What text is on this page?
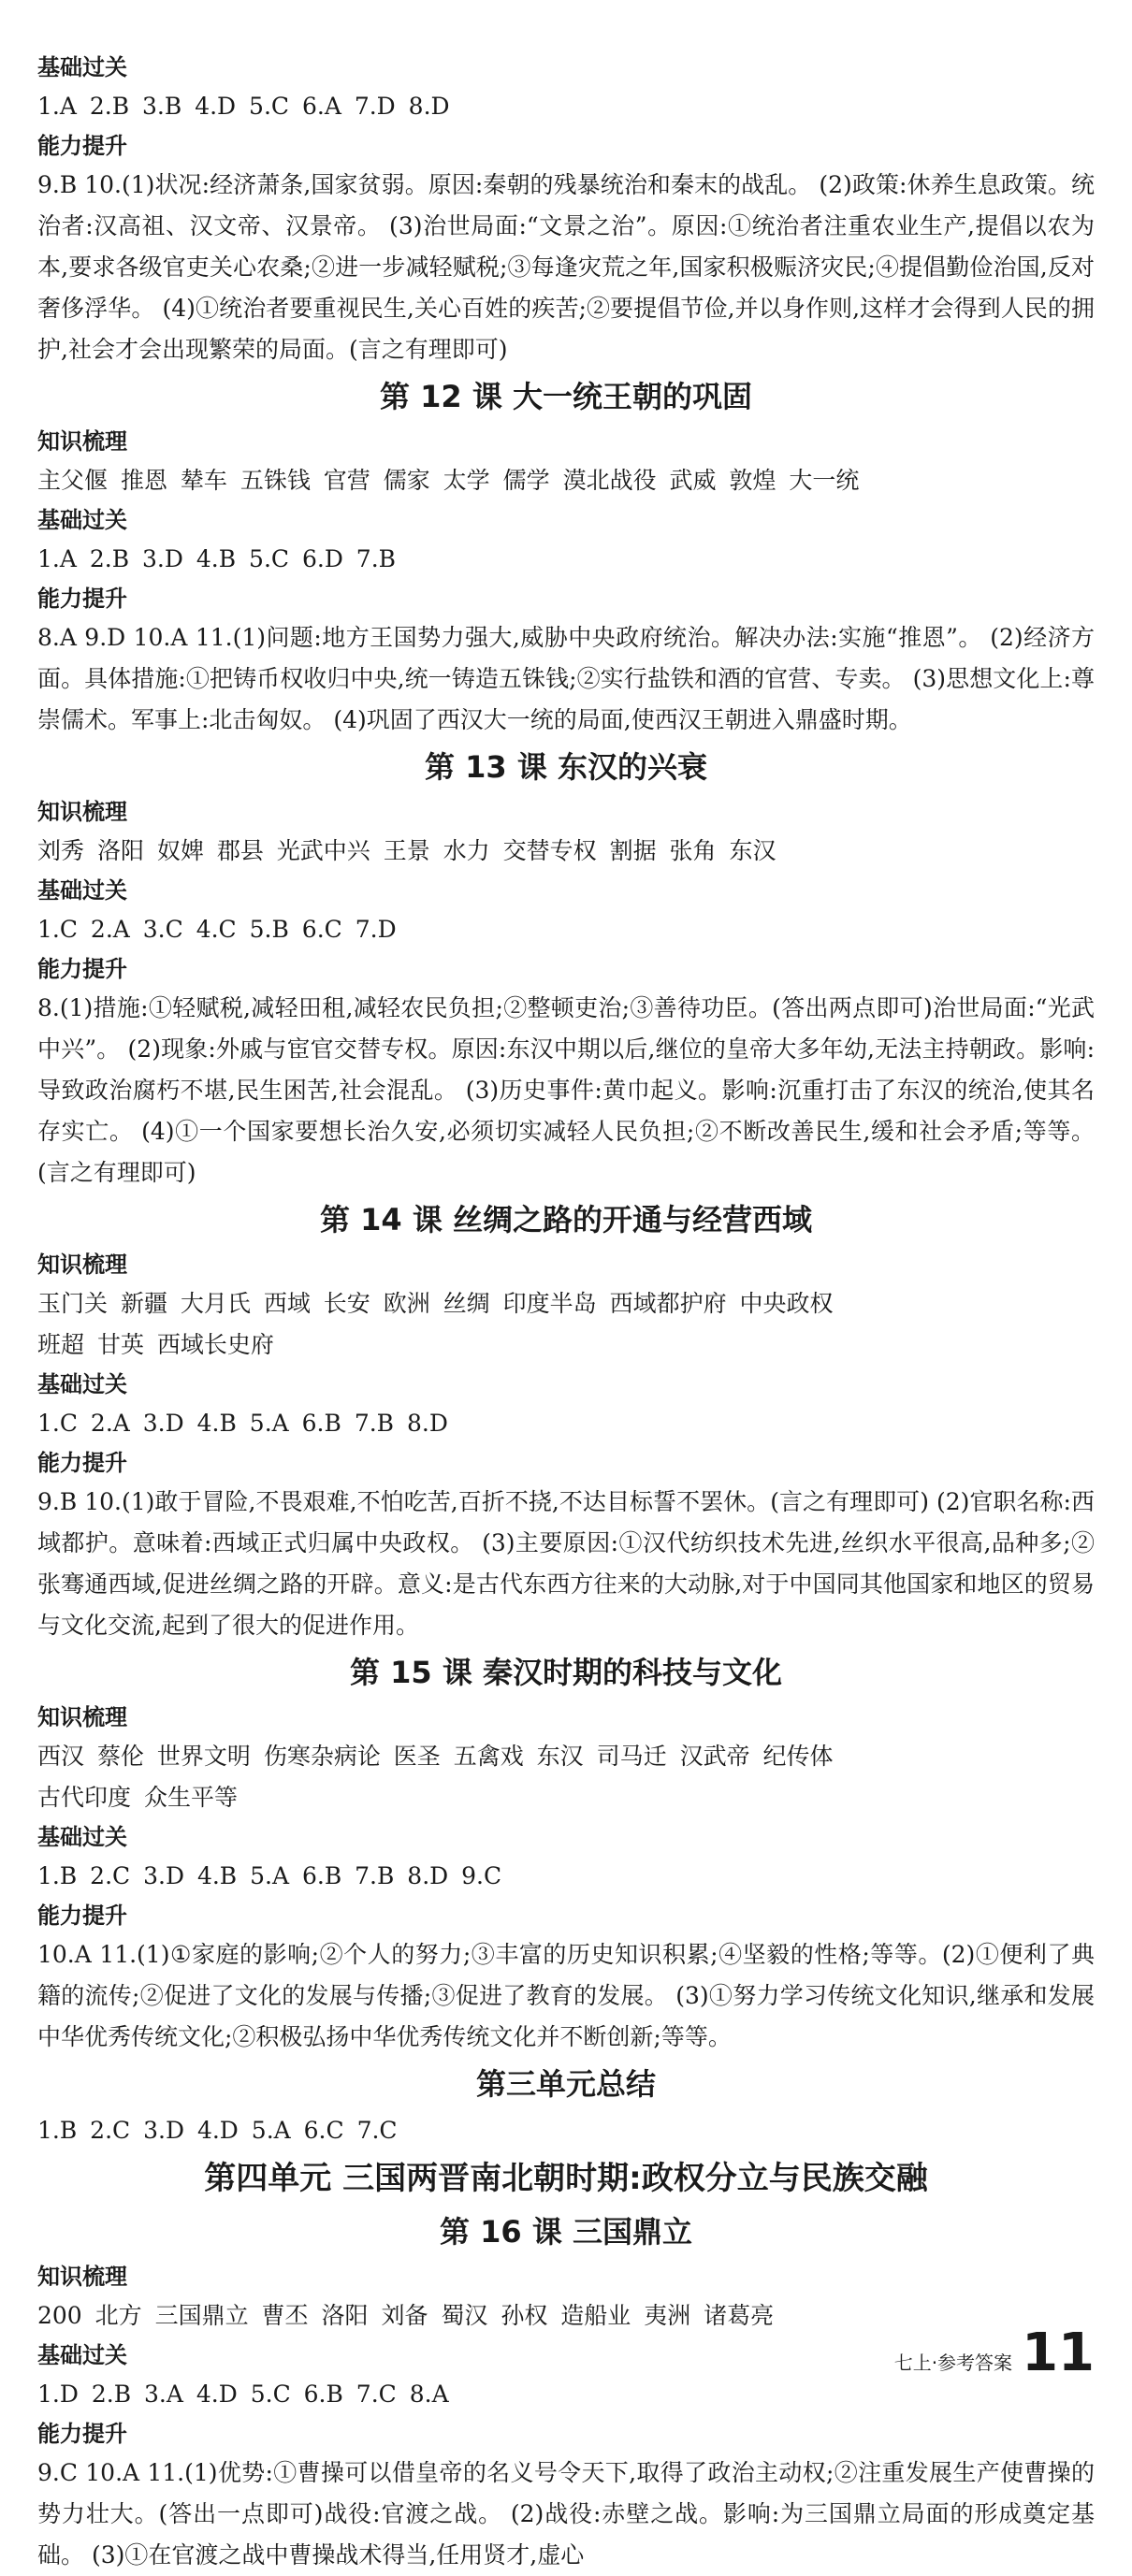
基础过关
1.A 2.B 3.B 4.D 5.C 6.A 7.D 8.D
能力提升
9.B 10.(1)状况:经济萧条,国家贫弱。原因:秦朝的残暴统治和秦末的战乱。 (2)政策:休养生息政策。统治者:汉高祖、汉文帝、汉景帝。 (3)治世局面:“文景之治”。原因:①统治者注重农业生产,提倡以农为本,要求各级官吏关心农桑;②进一步减轻赋税;③每逢灾荒之年,国家积极赈济灾民;④提倡勤俭治国,反对奢侈浮华。 (4)①统治者要重视民生,关心百姓的疾苦;②要提倡节俭,并以身作则,这样才会得到人民的拥护,社会才会出现繁荣的局面。(言之有理即可)
第 12 课 大一统王朝的巩固
知识梳理
主父偃 推恩 辇车 五铢钱 官营 儒家 太学 儒学 漠北战役 武威 敦煌 大一统
基础过关
1.A 2.B 3.D 4.B 5.C 6.D 7.B
能力提升
8.A 9.D 10.A 11.(1)问题:地方王国势力强大,威胁中央政府统治。解决办法:实施“推恩”。 (2)经济方面。具体措施:①把铸币权收归中央,统一铸造五铢钱;②实行盐铁和酒的官营、专卖。 (3)思想文化上:尊崇儒术。军事上:北击匈奴。 (4)巩固了西汉大一统的局面,使西汉王朝进入鼎盛时期。
第 13 课 东汉的兴衰
知识梳理
刘秀 洛阳 奴婢 郡县 光武中兴 王景 水力 交替专权 割据 张角 东汉
基础过关
1.C 2.A 3.C 4.C 5.B 6.C 7.D
能力提升
8.(1)措施:①轻赋税,减轻田租,减轻农民负担;②整顿吏治;③善待功臣。(答出两点即可)治世局面:“光武中兴”。 (2)现象:外戚与宦官交替专权。原因:东汉中期以后,继位的皇帝大多年幼,无法主持朝政。影响:导致政治腐朽不堪,民生困苦,社会混乱。 (3)历史事件:黄巾起义。影响:沉重打击了东汉的统治,使其名存实亡。 (4)①一个国家要想长治久安,必须切实减轻人民负担;②不断改善民生,缓和社会矛盾;等等。(言之有理即可)
第 14 课 丝绸之路的开通与经营西域
知识梳理
玉门关 新疆 大月氏 西域 长安 欧洲 丝绸 印度半岛 西域都护府 中央政权
班超 甘英 西域长史府
基础过关
1.C 2.A 3.D 4.B 5.A 6.B 7.B 8.D
能力提升
9.B 10.(1)敢于冒险,不畏艰难,不怕吃苦,百折不挠,不达目标誓不罢休。(言之有理即可) (2)官职名称:西域都护。意味着:西域正式归属中央政权。 (3)主要原因:①汉代纺织技术先进,丝织水平很高,品种多;②张骞通西域,促进丝绸之路的开辟。意义:是古代东西方往来的大动脉,对于中国同其他国家和地区的贸易与文化交流,起到了很大的促进作用。
第 15 课 秦汉时期的科技与文化
知识梳理
西汉 蔡伦 世界文明 伤寒杂病论 医圣 五禽戏 东汉 司马迁 汉武帝 纪传体
古代印度 众生平等
基础过关
1.B 2.C 3.D 4.B 5.A 6.B 7.B 8.D 9.C
能力提升
10.A 11.(1)①家庭的影响;②个人的努力;③丰富的历史知识积累;④坚毅的性格;等等。(2)①便利了典籍的流传;②促进了文化的发展与传播;③促进了教育的发展。 (3)①努力学习传统文化知识,继承和发展中华优秀传统文化;②积极弘扬中华优秀传统文化并不断创新;等等。
第三单元总结
1.B 2.C 3.D 4.D 5.A 6.C 7.C
第四单元 三国两晋南北朝时期:政权分立与民族交融
第 16 课 三国鼎立
知识梳理
200 北方 三国鼎立 曹丕 洛阳 刘备 蜀汉 孙权 造船业 夷洲 诸葛亮
基础过关
1.D 2.B 3.A 4.D 5.C 6.B 7.C 8.A
能力提升
9.C 10.A 11.(1)优势:①曹操可以借皇帝的名义号令天下,取得了政治主动权;②注重发展生产使曹操的势力壮大。(答出一点即可)战役:官渡之战。 (2)战役:赤壁之战。影响:为三国鼎立局面的形成奠定基础。 (3)①在官渡之战中曹操战术得当,任用贤才,虚心
七上·参考答案 11
